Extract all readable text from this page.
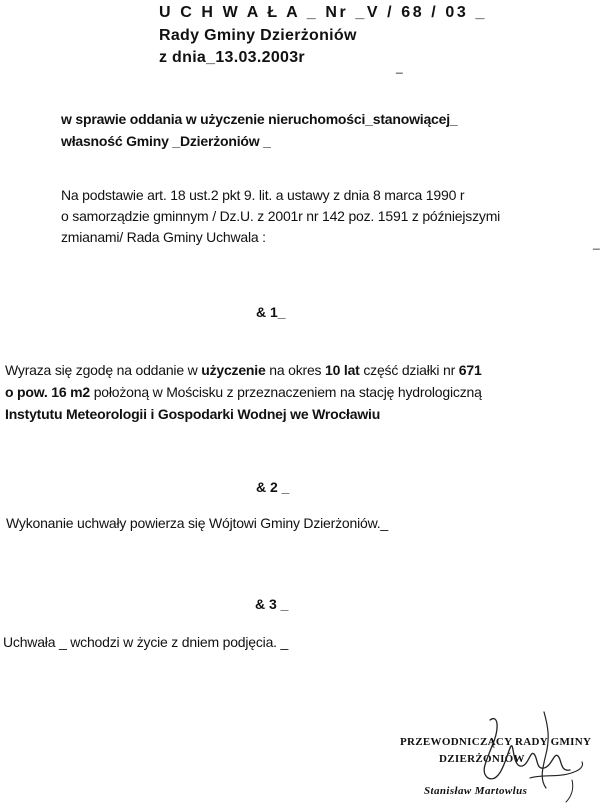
U C H W A Ł A _ Nr _V / 68 / 03 _
Rady Gminy Dzierżoniów
z dnia_13.03.2003r
_
w sprawie oddania w użyczenie nieruchomości_stanowiącej_
własność Gminy _Dzierżoniów _
Na podstawie art. 18 ust.2 pkt 9. lit. a ustawy z dnia 8 marca 1990 r
o samorządzie gminnym / Dz.U. z 2001r nr 142 poz. 1591 z późniejszymi
zmianami/ Rada Gminy Uchwala :	_
& 1_
Wyraza się zgodę na oddanie w użyczenie na okres 10 lat część działki nr 671
o pow. 16 m2 położoną w Mościsku z przeznaczeniem na stację hydrologiczną
Instytutu Meteorologii i Gospodarki Wodnej we Wrocławiu
& 2 _
Wykonanie uchwały powierza się Wójtowi Gminy Dzierżoniów._
& 3 _
Uchwała _ wchodzi w życie z dniem podjęcia. _
PRZEWODNICZĄCY RADY GMINY
DZIERŻONIÓW
Stanisław Martowlus
